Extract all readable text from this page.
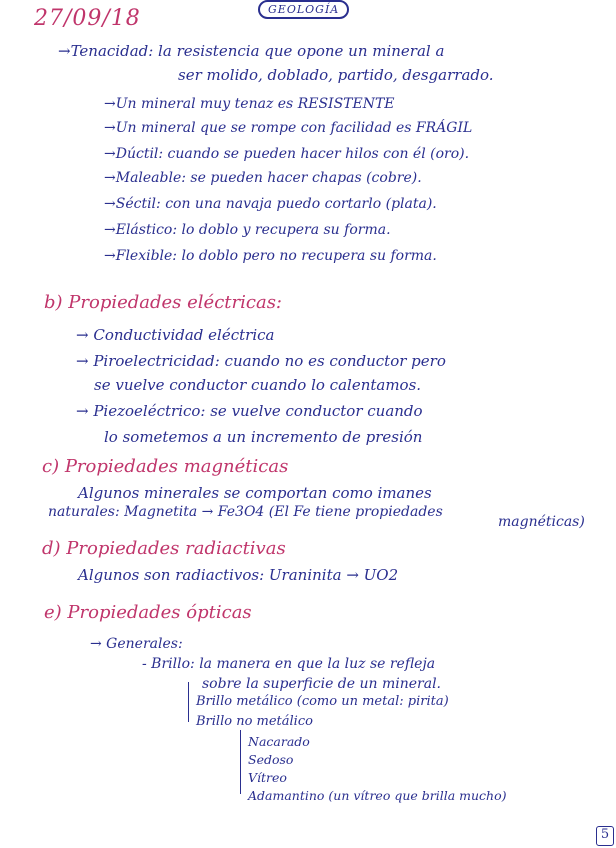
27/09/18	GEOLOGÍA
→Tenacidad: la resistencia que opone un mineral a
ser molido, doblado, partido, desgarrado.
→Un mineral muy tenaz es RESISTENTE
→Un mineral que se rompe con facilidad es FRÁGIL
→Dúctil: cuando se pueden hacer hilos con él (oro).
→Maleable: se pueden hacer chapas (cobre).
→Séctil: con una navaja puedo cortarlo (plata).
→Elástico: lo doblo y recupera su forma.
→Flexible: lo doblo pero no recupera su forma.
b) Propiedades eléctricas:
→ Conductividad eléctrica
→ Piroelectricidad: cuando no es conductor pero
se vuelve conductor cuando lo calentamos.
→ Piezoeléctrico: se vuelve conductor cuando
lo sometemos a un incremento de presión
c) Propiedades magnéticas
Algunos minerales se comportan como imanes
naturales: Magnetita → Fe3O4 (El Fe tiene propiedades
magnéticas)
d) Propiedades radiactivas
Algunos son radiactivos: Uraninita → UO2
e) Propiedades ópticas
→ Generales:
- Brillo: la manera en que la luz se refleja
sobre la superficie de un mineral.
Brillo metálico (como un metal: pirita)
Brillo no metálico
Nacarado
Sedoso
Vítreo
Adamantino (un vítreo que brilla mucho)
5
